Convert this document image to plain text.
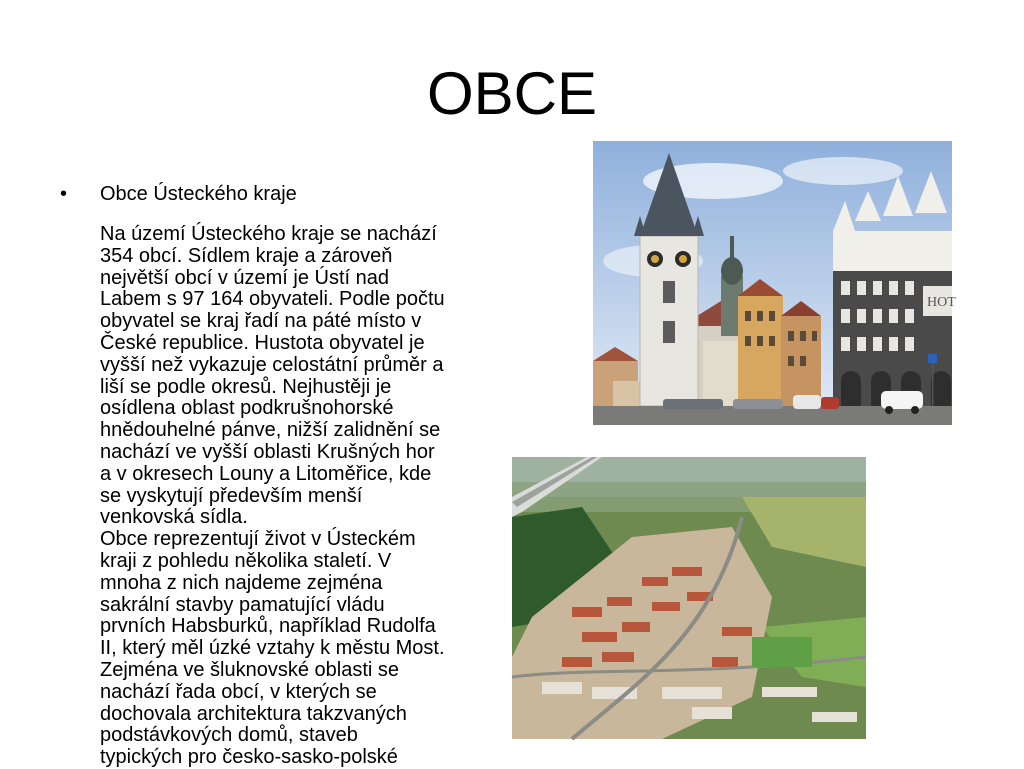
OBCE
• Obce Ústeckého kraje

Na území Ústeckého kraje se nachází
354 obcí. Sídlem kraje a zároveň
největší obcí v území je Ústí nad
Labem s 97 164 obyvateli. Podle počtu
obyvatel se kraj řadí na páté místo v
České republice. Hustota obyvatel je
vyšší než vykazuje celostátní průměr a
liší se podle okresů. Nejhustěji je
osídlena oblast podkrušnohorské
hnědouhelné pánve, nižší zalidnění se
nachází ve vyšší oblasti Krušných hor
a v okresech Louny a Litoměřice, kde
se vyskytují především menší
venkovská sídla.
Obce reprezentují život v Ústeckém
kraji z pohledu několika staletí. V
mnoha z nich najdeme zejména
sakrální stavby pamatující vládu
prvních Habsburků, například Rudolfa
II, který měl úzké vztahy k městu Most.
Zejména ve šluknovské oblasti se
nachází řada obcí, v kterých se
dochovala architektura takzvaných
podstávkových domů, staveb
typických pro česko-sasko-polské

HOT
